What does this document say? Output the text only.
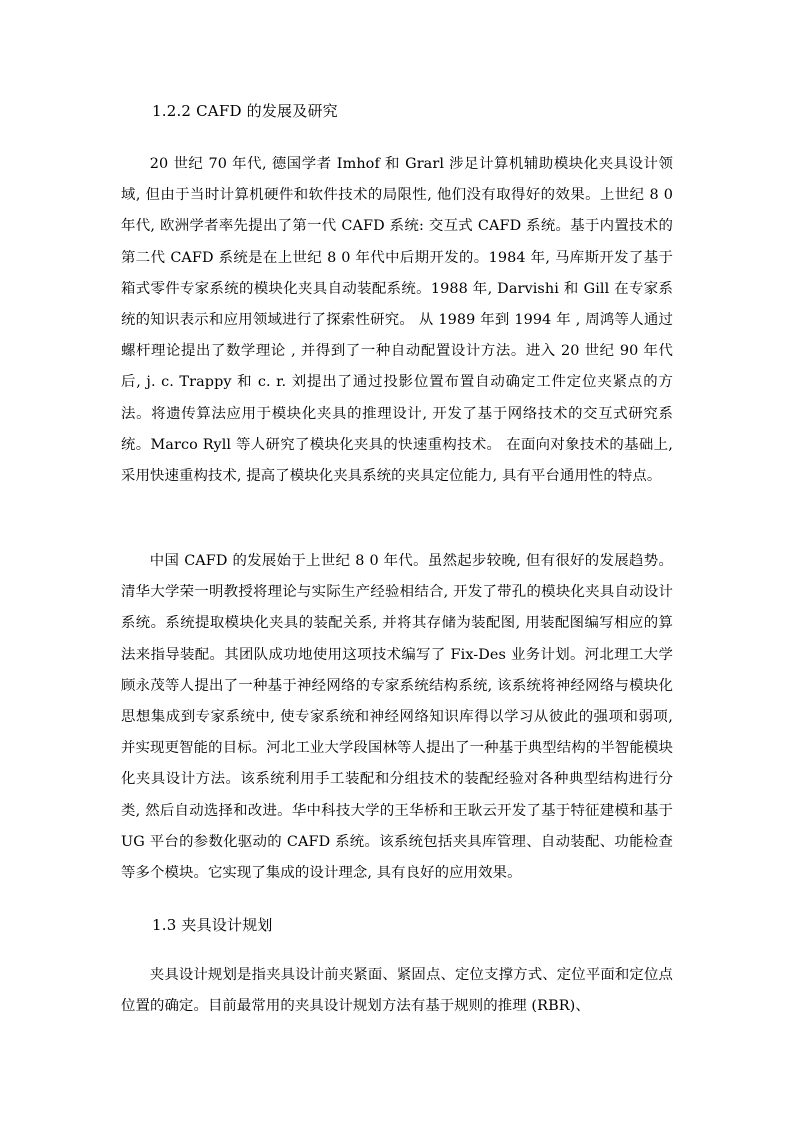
1.2.2 CAFD 的发展及研究

20 世纪 70 年代, 德国学者 Imhof 和 Grarl 涉足计算机辅助模块化夹具设计领域, 但由于当时计算机硬件和软件技术的局限性, 他们没有取得好的效果。上世纪 8 0 年代, 欧洲学者率先提出了第一代 CAFD 系统: 交互式 CAFD 系统。基于内置技术的第二代 CAFD 系统是在上世纪 8 0 年代中后期开发的。1984 年, 马库斯开发了基于箱式零件专家系统的模块化夹具自动装配系统。1988 年, Darvishi 和 Gill 在专家系统的知识表示和应用领域进行了探索性研究。 从 1989 年到 1994 年 , 周鸿等人通过螺杆理论提出了数学理论 , 并得到了一种自动配置设计方法。进入 20 世纪 90 年代后, j. c. Trappy 和 c. r. 刘提出了通过投影位置布置自动确定工件定位夹紧点的方法。将遗传算法应用于模块化夹具的推理设计, 开发了基于网络技术的交互式研究系统。Marco Ryll 等人研究了模块化夹具的快速重构技术。 在面向对象技术的基础上, 采用快速重构技术, 提高了模块化夹具系统的夹具定位能力, 具有平台通用性的特点。

中国 CAFD 的发展始于上世纪 8 0 年代。虽然起步较晚, 但有很好的发展趋势。清华大学荣一明教授将理论与实际生产经验相结合, 开发了带孔的模块化夹具自动设计系统。系统提取模块化夹具的装配关系, 并将其存储为装配图, 用装配图编写相应的算法来指导装配。其团队成功地使用这项技术编写了 Fix-Des 业务计划。河北理工大学顾永茂等人提出了一种基于神经网络的专家系统结构系统, 该系统将神经网络与模块化思想集成到专家系统中, 使专家系统和神经网络知识库得以学习从彼此的强项和弱项, 并实现更智能的目标。河北工业大学段国林等人提出了一种基于典型结构的半智能模块化夹具设计方法。该系统利用手工装配和分组技术的装配经验对各种典型结构进行分类, 然后自动选择和改进。华中科技大学的王华桥和王耿云开发了基于特征建模和基于 UG 平台的参数化驱动的 CAFD 系统。该系统包括夹具库管理、自动装配、功能检查等多个模块。它实现了集成的设计理念, 具有良好的应用效果。

1.3 夹具设计规划

夹具设计规划是指夹具设计前夹紧面、紧固点、定位支撑方式、定位平面和定位点位置的确定。目前最常用的夹具设计规划方法有基于规则的推理 (RBR)、
